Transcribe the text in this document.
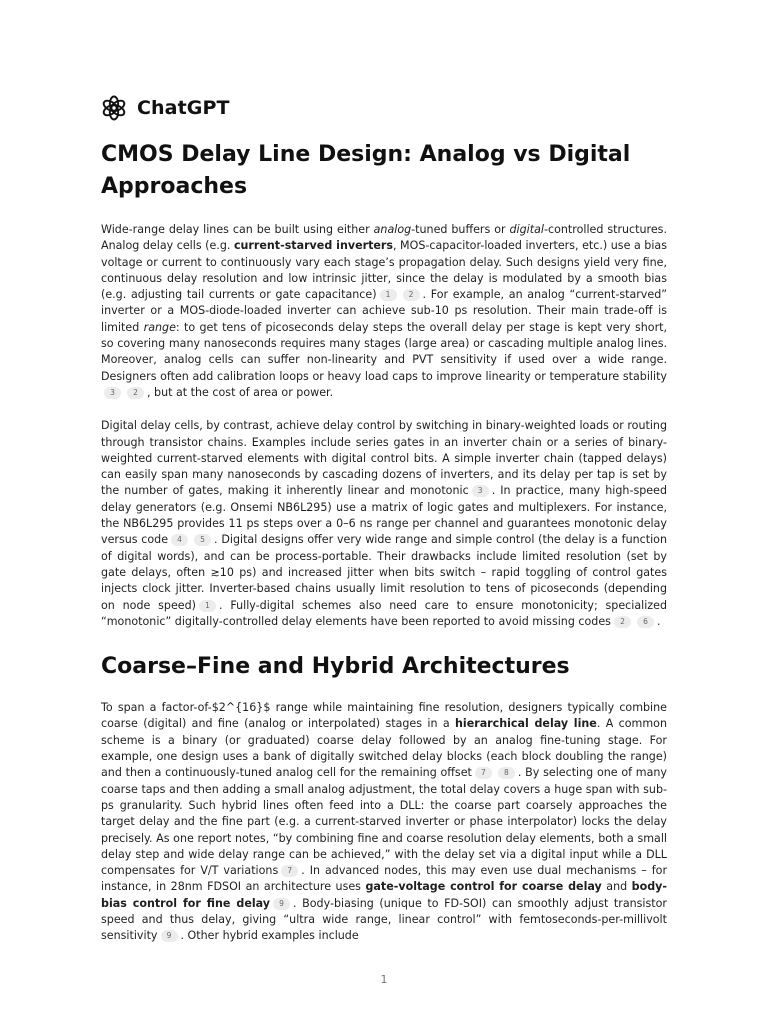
ChatGPT
CMOS Delay Line Design: Analog vs Digital Approaches

Wide-range delay lines can be built using either analog-tuned buffers or digital-controlled structures. Analog delay cells (e.g. current-starved inverters, MOS-capacitor-loaded inverters, etc.) use a bias voltage or current to continuously vary each stage’s propagation delay. Such designs yield very fine, continuous delay resolution and low intrinsic jitter, since the delay is modulated by a smooth bias (e.g. adjusting tail currents or gate capacitance) 1 2 . For example, an analog “current-starved” inverter or a MOS-diode-loaded inverter can achieve sub-10 ps resolution. Their main trade-off is limited range: to get tens of picoseconds delay steps the overall delay per stage is kept very short, so covering many nanoseconds requires many stages (large area) or cascading multiple analog lines. Moreover, analog cells can suffer non-linearity and PVT sensitivity if used over a wide range. Designers often add calibration loops or heavy load caps to improve linearity or temperature stability3 2 , but at the cost of area or power.

Digital delay cells, by contrast, achieve delay control by switching in binary-weighted loads or routing through transistor chains. Examples include series gates in an inverter chain or a series of binary-weighted current-starved elements with digital control bits. A simple inverter chain (tapped delays) can easily span many nanoseconds by cascading dozens of inverters, and its delay per tap is set by the number of gates, making it inherently linear and monotonic 3 . In practice, many high-speed delay generators (e.g. Onsemi NB6L295) use a matrix of logic gates and multiplexers. For instance, the NB6L295 provides 11 ps steps over a 0–6 ns range per channel and guarantees monotonic delay versus code 4 5 . Digital designs offer very wide range and simple control (the delay is a function of digital words), and can be process-portable. Their drawbacks include limited resolution (set by gate delays, often ≳10 ps) and increased jitter when bits switch – rapid toggling of control gates injects clock jitter. Inverter-based chains usually limit resolution to tens of picoseconds (depending on node speed) 1 . Fully-digital schemes also need care to ensure monotonicity; specialized “monotonic” digitally-controlled delay elements have been reported to avoid missing codes 2 6 .

Coarse–Fine and Hybrid Architectures

To span a factor-of-$2^{16}$ range while maintaining fine resolution, designers typically combine coarse (digital) and fine (analog or interpolated) stages in a hierarchical delay line. A common scheme is a binary (or graduated) coarse delay followed by an analog fine-tuning stage. For example, one design uses a bank of digitally switched delay blocks (each block doubling the range) and then a continuously-tuned analog cell for the remaining offset 7 8 . By selecting one of many coarse taps and then adding a small analog adjustment, the total delay covers a huge span with sub-ps granularity. Such hybrid lines often feed into a DLL: the coarse part coarsely approaches the target delay and the fine part (e.g. a current-starved inverter or phase interpolator) locks the delay precisely. As one report notes, “by combining fine and coarse resolution delay elements, both a small delay step and wide delay range can be achieved,” with the delay set via a digital input while a DLL compensates for V/T variations 7 . In advanced nodes, this may even use dual mechanisms – for instance, in 28nm FDSOI an architecture uses gate-voltage control for coarse delay and body-bias control for fine delay 9 . Body-biasing (unique to FD-SOI) can smoothly adjust transistor speed and thus delay, giving “ultra wide range, linear control” with femtoseconds-per-millivolt sensitivity 9 . Other hybrid examples include

1
